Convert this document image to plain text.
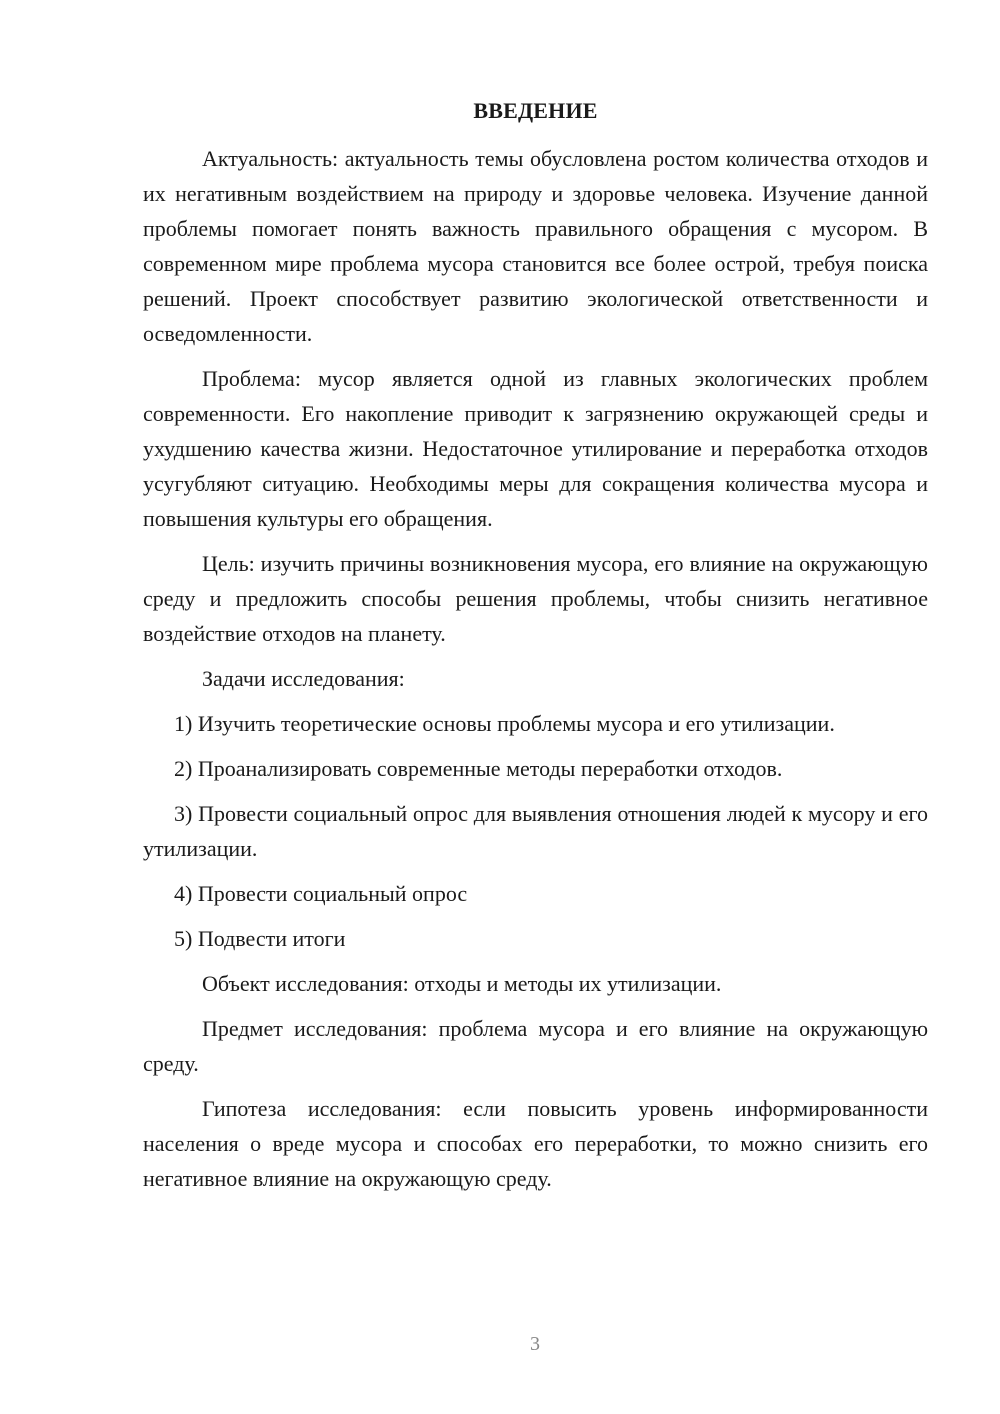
ВВЕДЕНИЕ

Актуальность: актуальность темы обусловлена ростом количества отходов и их негативным воздействием на природу и здоровье человека. Изучение данной проблемы помогает понять важность правильного обращения с мусором. В современном мире проблема мусора становится все более острой, требуя поиска решений. Проект способствует развитию экологической ответственности и осведомленности.

Проблема: мусор является одной из главных экологических проблем современности. Его накопление приводит к загрязнению окружающей среды и ухудшению качества жизни. Недостаточное утилирование и переработка отходов усугубляют ситуацию. Необходимы меры для сокращения количества мусора и повышения культуры его обращения.

Цель: изучить причины возникновения мусора, его влияние на окружающую среду и предложить способы решения проблемы, чтобы снизить негативное воздействие отходов на планету.

Задачи исследования:

1) Изучить теоретические основы проблемы мусора и его утилизации.

2) Проанализировать современные методы переработки отходов.

3) Провести социальный опрос для выявления отношения людей к мусору и его утилизации.

4) Провести социальный опрос

5) Подвести итоги

Объект исследования: отходы и методы их утилизации.

Предмет исследования: проблема мусора и его влияние на окружающую среду.

Гипотеза исследования: если повысить уровень информированности населения о вреде мусора и способах его переработки, то можно снизить его негативное влияние на окружающую среду.

3
